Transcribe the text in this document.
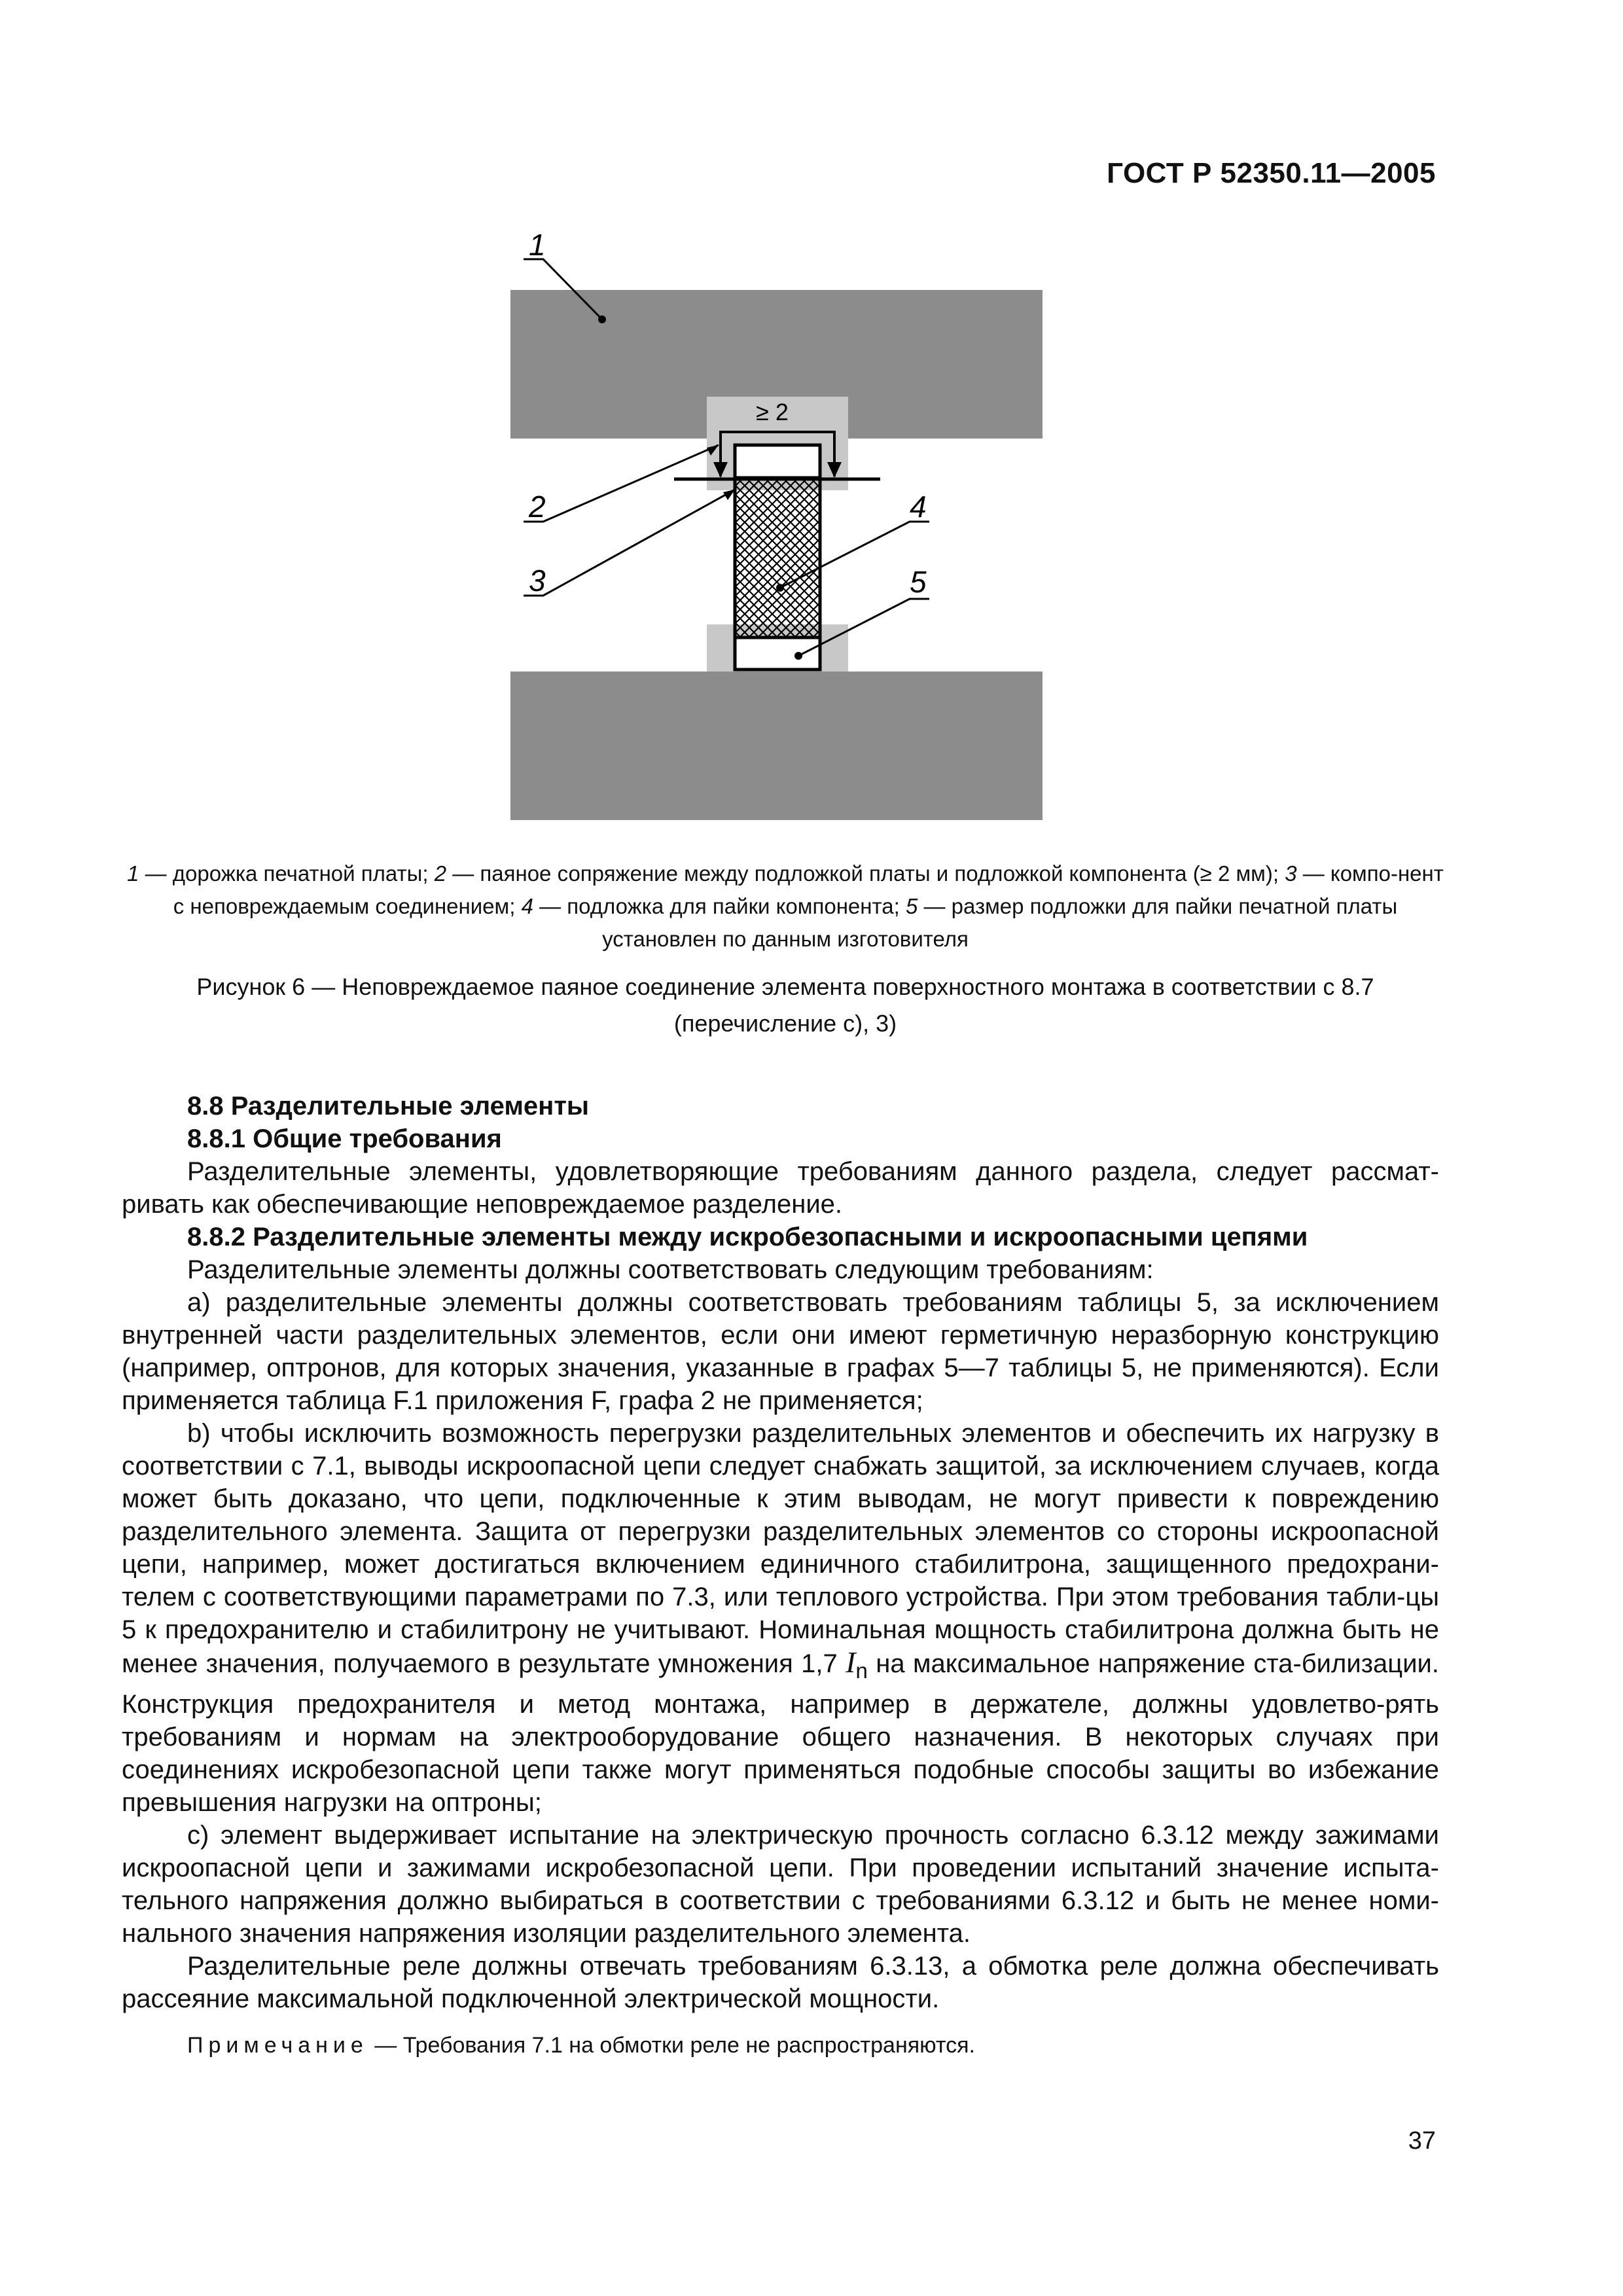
ГОСТ Р 52350.11—2005
≥ 2
1
2
3
4
5
1 — дорожка печатной платы; 2 — паяное сопряжение между подложкой платы и подложкой компонента (≥ 2 мм); 3 — компо-нент с неповреждаемым соединением; 4 — подложка для пайки компонента; 5 — размер подложки для пайки печатной платы установлен по данным изготовителя
Рисунок 6 — Неповреждаемое паяное соединение элемента поверхностного монтажа в соответствии с 8.7
(перечисление c), 3)

8.8 Разделительные элементы

8.8.1 Общие требования

Разделительные элементы, удовлетворяющие требованиям данного раздела, следует рассмат-ривать как обеспечивающие неповреждаемое разделение.

8.8.2 Разделительные элементы между искробезопасными и искроопасными цепями

Разделительные элементы должны соответствовать следующим требованиям:

a) разделительные элементы должны соответствовать требованиям таблицы 5, за исключением внутренней части разделительных элементов, если они имеют герметичную неразборную конструкцию (например, оптронов, для которых значения, указанные в графах 5—7 таблицы 5, не применяются). Если применяется таблица F.1 приложения F, графа 2 не применяется;

b) чтобы исключить возможность перегрузки разделительных элементов и обеспечить их нагрузку в соответствии с 7.1, выводы искроопасной цепи следует снабжать защитой, за исключением случаев, когда может быть доказано, что цепи, подключенные к этим выводам, не могут привести к повреждению разделительного элемента. Защита от перегрузки разделительных элементов со стороны искроопасной цепи, например, может достигаться включением единичного стабилитрона, защищенного предохрани-телем с соответствующими параметрами по 7.3, или теплового устройства. При этом требования табли-цы 5 к предохранителю и стабилитрону не учитывают. Номинальная мощность стабилитрона должна быть не менее значения, получаемого в результате умножения 1,7 $I_n$ на максимальное напряжение ста-билизации. Конструкция предохранителя и метод монтажа, например в держателе, должны удовлетво-рять требованиям и нормам на электрооборудование общего назначения. В некоторых случаях при соединениях искробезопасной цепи также могут применяться подобные способы защиты во избежание превышения нагрузки на оптроны;

c) элемент выдерживает испытание на электрическую прочность согласно 6.3.12 между зажимами искроопасной цепи и зажимами искробезопасной цепи. При проведении испытаний значение испыта-тельного напряжения должно выбираться в соответствии с требованиями 6.3.12 и быть не менее номи-нального значения напряжения изоляции разделительного элемента.

Разделительные реле должны отвечать требованиям 6.3.13, а обмотка реле должна обеспечивать рассеяние максимальной подключенной электрической мощности.

Примечание — Требования 7.1 на обмотки реле не распространяются.

37
